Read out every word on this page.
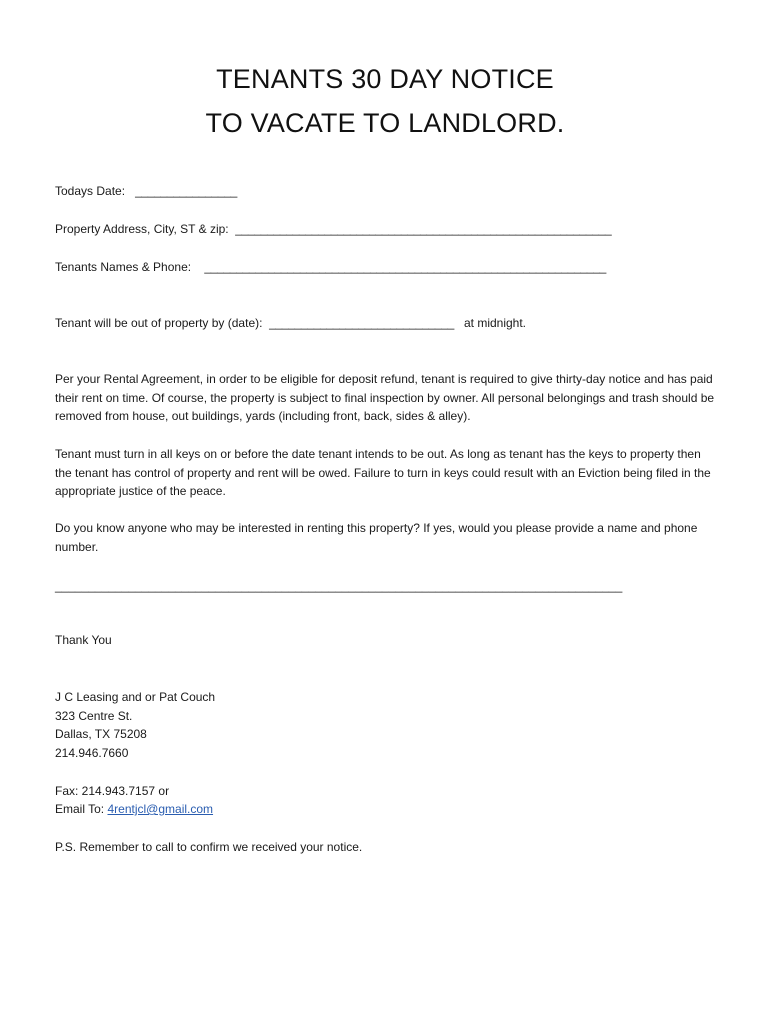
TENANTS 30 DAY NOTICE
TO VACATE TO LANDLORD.
Todays Date: ________________
Property Address, City, ST & zip: ___________________________________________________________
Tenants Names & Phone: _______________________________________________________________
Tenant will be out of property by (date): _____________________________ at midnight.
Per your Rental Agreement, in order to be eligible for deposit refund, tenant is required to give thirty-day notice and has paid their rent on time. Of course, the property is subject to final inspection by owner. All personal belongings and trash should be removed from house, out buildings, yards (including front, back, sides & alley).
Tenant must turn in all keys on or before the date tenant intends to be out. As long as tenant has the keys to property then the tenant has control of property and rent will be owed. Failure to turn in keys could result with an Eviction being filed in the appropriate justice of the peace.
Do you know anyone who may be interested in renting this property? If yes, would you please provide a name and phone number.
_____________________________________________________________________________________
Thank You
J C Leasing and or Pat Couch
323 Centre St.
Dallas, TX 75208
214.946.7660
Fax: 214.943.7157 or
Email To: 4rentjcl@gmail.com
P.S. Remember to call to confirm we received your notice.
